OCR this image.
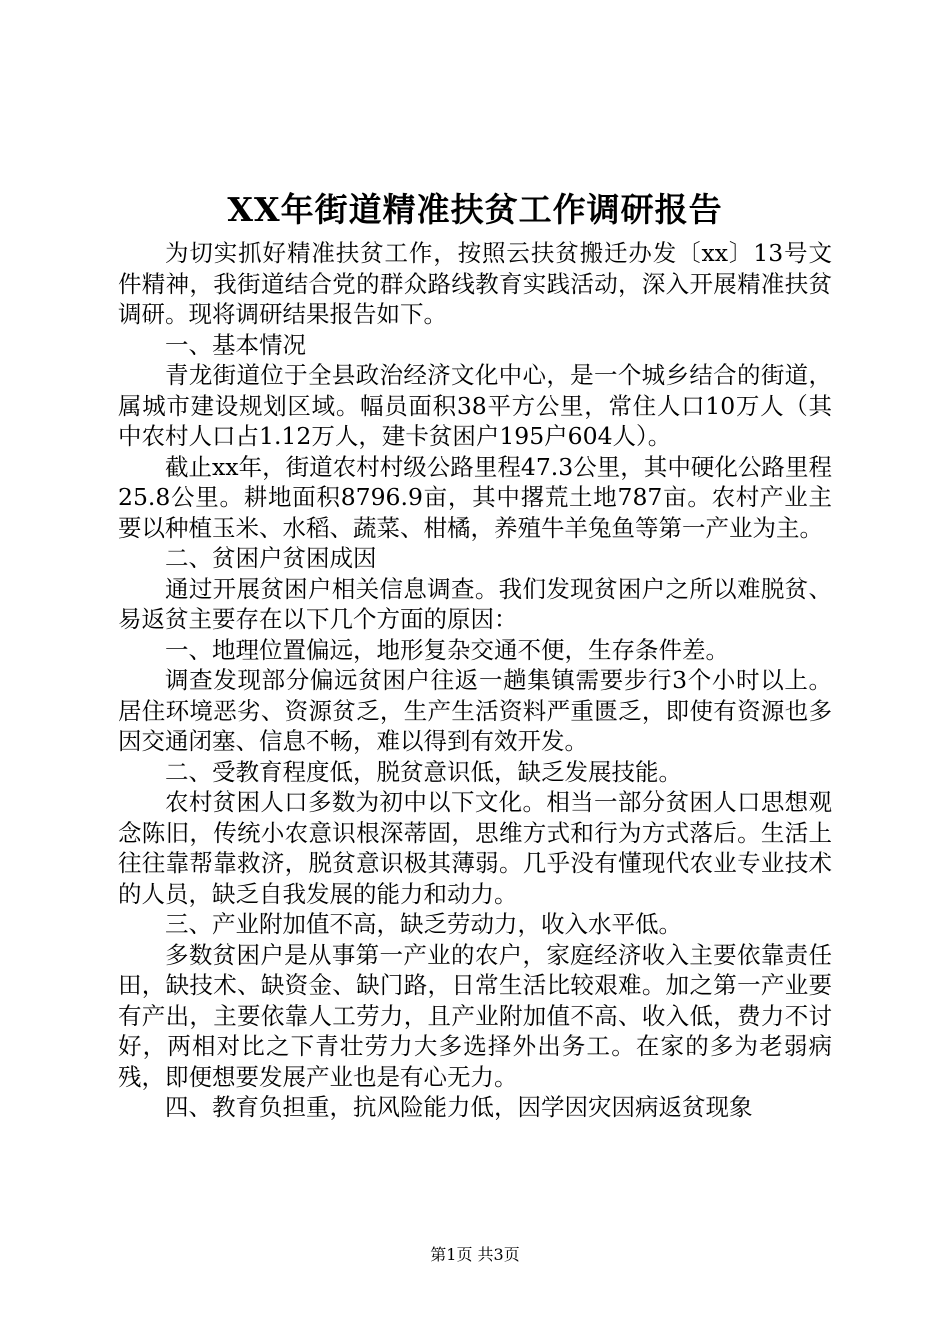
XX年街道精准扶贫工作调研报告

为切实抓好精准扶贫工作，按照云扶贫搬迁办发〔xx〕13号文件精神，我街道结合党的群众路线教育实践活动，深入开展精准扶贫调研。现将调研结果报告如下。

一、基本情况

青龙街道位于全县政治经济文化中心，是一个城乡结合的街道，属城市建设规划区域。幅员面积38平方公里，常住人口10万人（其中农村人口占1.12万人，建卡贫困户195户604人）。

截止xx年，街道农村村级公路里程47.3公里，其中硬化公路里程25.8公里。耕地面积8796.9亩，其中撂荒土地787亩。农村产业主要以种植玉米、水稻、蔬菜、柑橘，养殖牛羊兔鱼等第一产业为主。

二、贫困户贫困成因

通过开展贫困户相关信息调查。我们发现贫困户之所以难脱贫、易返贫主要存在以下几个方面的原因：

一、地理位置偏远，地形复杂交通不便，生存条件差。

调查发现部分偏远贫困户往返一趟集镇需要步行3个小时以上。居住环境恶劣、资源贫乏，生产生活资料严重匮乏，即使有资源也多因交通闭塞、信息不畅，难以得到有效开发。

二、受教育程度低，脱贫意识低，缺乏发展技能。

农村贫困人口多数为初中以下文化。相当一部分贫困人口思想观念陈旧，传统小农意识根深蒂固，思维方式和行为方式落后。生活上往往靠帮靠救济，脱贫意识极其薄弱。几乎没有懂现代农业专业技术的人员，缺乏自我发展的能力和动力。

三、产业附加值不高，缺乏劳动力，收入水平低。

多数贫困户是从事第一产业的农户，家庭经济收入主要依靠责任田，缺技术、缺资金、缺门路，日常生活比较艰难。加之第一产业要有产出，主要依靠人工劳力，且产业附加值不高、收入低，费力不讨好，两相对比之下青壮劳力大多选择外出务工。在家的多为老弱病残，即便想要发展产业也是有心无力。

四、教育负担重，抗风险能力低，因学因灾因病返贫现象

第1页 共3页
